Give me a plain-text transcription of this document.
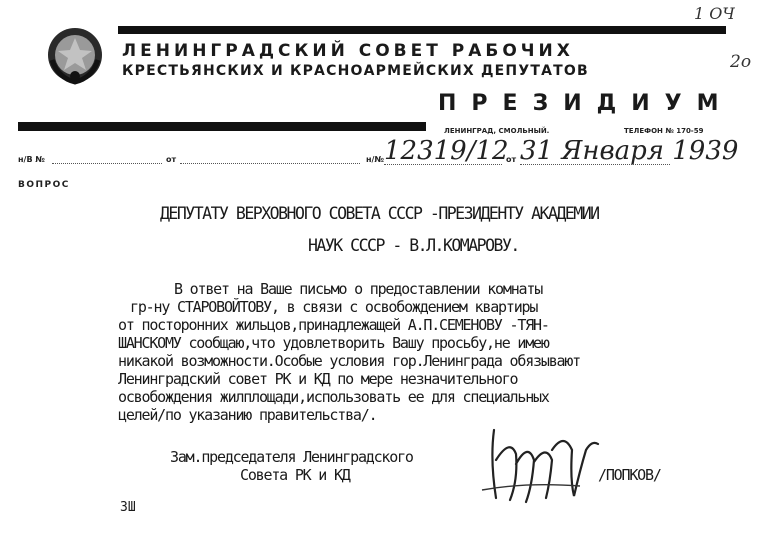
ЛЕНИНГРАДСКИЙ СОВЕТ РАБОЧИХ
КРЕСТЬЯНСКИХ И КРАСНОАРМЕЙСКИХ ДЕПУТАТОВ
ПРЕЗИДИУМ
ЛЕНИНГРАД, СМОЛЬНЫЙ.	ТЕЛЕФОН № 170-59
1 ОЧ
2о
н/В №	от	н/№ 12319/12
от 31 Января 1939
ВОПРОС
ДЕПУТАТУ ВЕРХОВНОГО СОВЕТА СССР -ПРЕЗИДЕНТУ АКАДЕМИИ
НАУК СССР - В.Л.КОМАРОВУ.
В ответ на Ваше письмо о предоставлении комнаты
гр-ну СТАРОВОЙТОВУ, в связи с освобождением квартиры
от посторонних жильцов,принадлежащей А.П.СЕМЕНОВУ -ТЯН-
ШАНСКОМУ сообщаю,что удовлетворить Вашу просьбу,не имею
никакой возможности.Особые условия гор.Ленинграда обязывают
Ленинградский совет РК и КД по мере незначительного
освобождения жилплощади,использовать ее для специальных
целей/по указанию правительства/.
Зам.председателя Ленинградского
Совета РК и КД	/ПОПКОВ/
ЗШ
